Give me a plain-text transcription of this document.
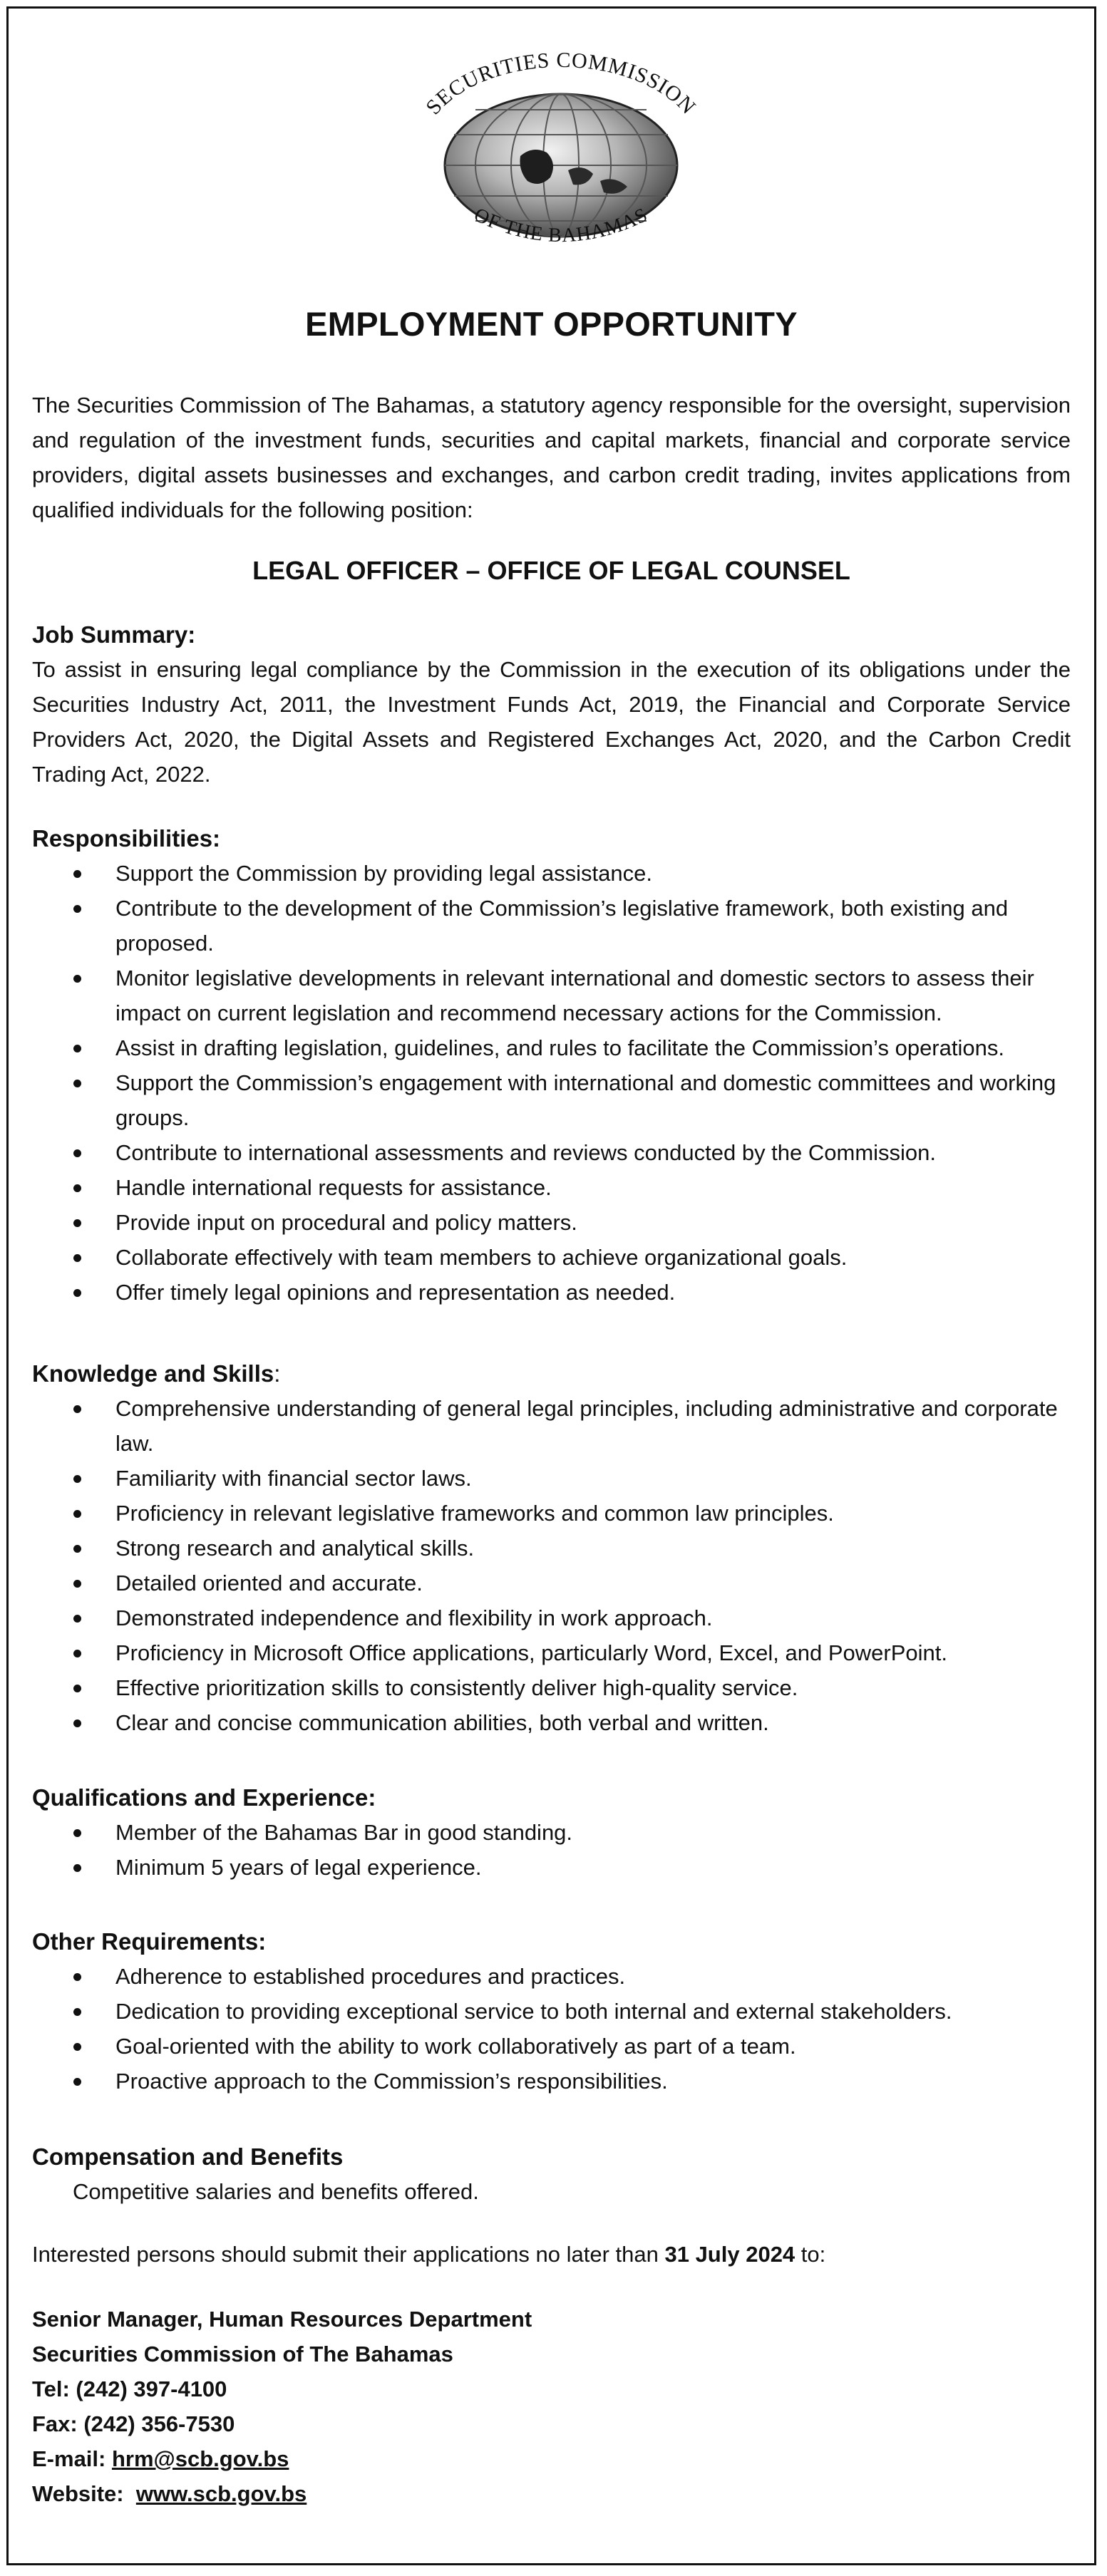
SECURITIES COMMISSION
OF THE BAHAMAS
EMPLOYMENT OPPORTUNITY

The Securities Commission of The Bahamas, a statutory agency responsible for the oversight, supervision and regulation of the investment funds, securities and capital markets, financial and corporate service providers, digital assets businesses and exchanges, and carbon credit trading, invites applications from qualified individuals for the following position:

LEGAL OFFICER – OFFICE OF LEGAL COUNSEL

Job Summary:

To assist in ensuring legal compliance by the Commission in the execution of its obligations under the Securities Industry Act, 2011, the Investment Funds Act, 2019, the Financial and Corporate Service Providers Act, 2020, the Digital Assets and Registered Exchanges Act, 2020, and the Carbon Credit Trading Act, 2022.

Responsibilities:

Support the Commission by providing legal assistance.
Contribute to the development of the Commission’s legislative framework, both existing and proposed.
Monitor legislative developments in relevant international and domestic sectors to assess their impact on current legislation and recommend necessary actions for the Commission.
Assist in drafting legislation, guidelines, and rules to facilitate the Commission’s operations.
Support the Commission’s engagement with international and domestic committees and working groups.
Contribute to international assessments and reviews conducted by the Commission.
Handle international requests for assistance.
Provide input on procedural and policy matters.
Collaborate effectively with team members to achieve organizational goals.
Offer timely legal opinions and representation as needed.

Knowledge and Skills:

Comprehensive understanding of general legal principles, including administrative and corporate law.
Familiarity with financial sector laws.
Proficiency in relevant legislative frameworks and common law principles.
Strong research and analytical skills.
Detailed oriented and accurate.
Demonstrated independence and flexibility in work approach.
Proficiency in Microsoft Office applications, particularly Word, Excel, and PowerPoint.
Effective prioritization skills to consistently deliver high-quality service.
Clear and concise communication abilities, both verbal and written.

Qualifications and Experience:

Member of the Bahamas Bar in good standing.
Minimum 5 years of legal experience.

Other Requirements:

Adherence to established procedures and practices.
Dedication to providing exceptional service to both internal and external stakeholders.
Goal-oriented with the ability to work collaboratively as part of a team.
Proactive approach to the Commission’s responsibilities.

Compensation and Benefits

Competitive salaries and benefits offered.

Interested persons should submit their applications no later than 31 July 2024 to:

Senior Manager, Human Resources Department

Securities Commission of The Bahamas

Tel: (242) 397-4100

Fax: (242) 356-7530

E-mail: hrm@scb.gov.bs

Website:  www.scb.gov.bs
